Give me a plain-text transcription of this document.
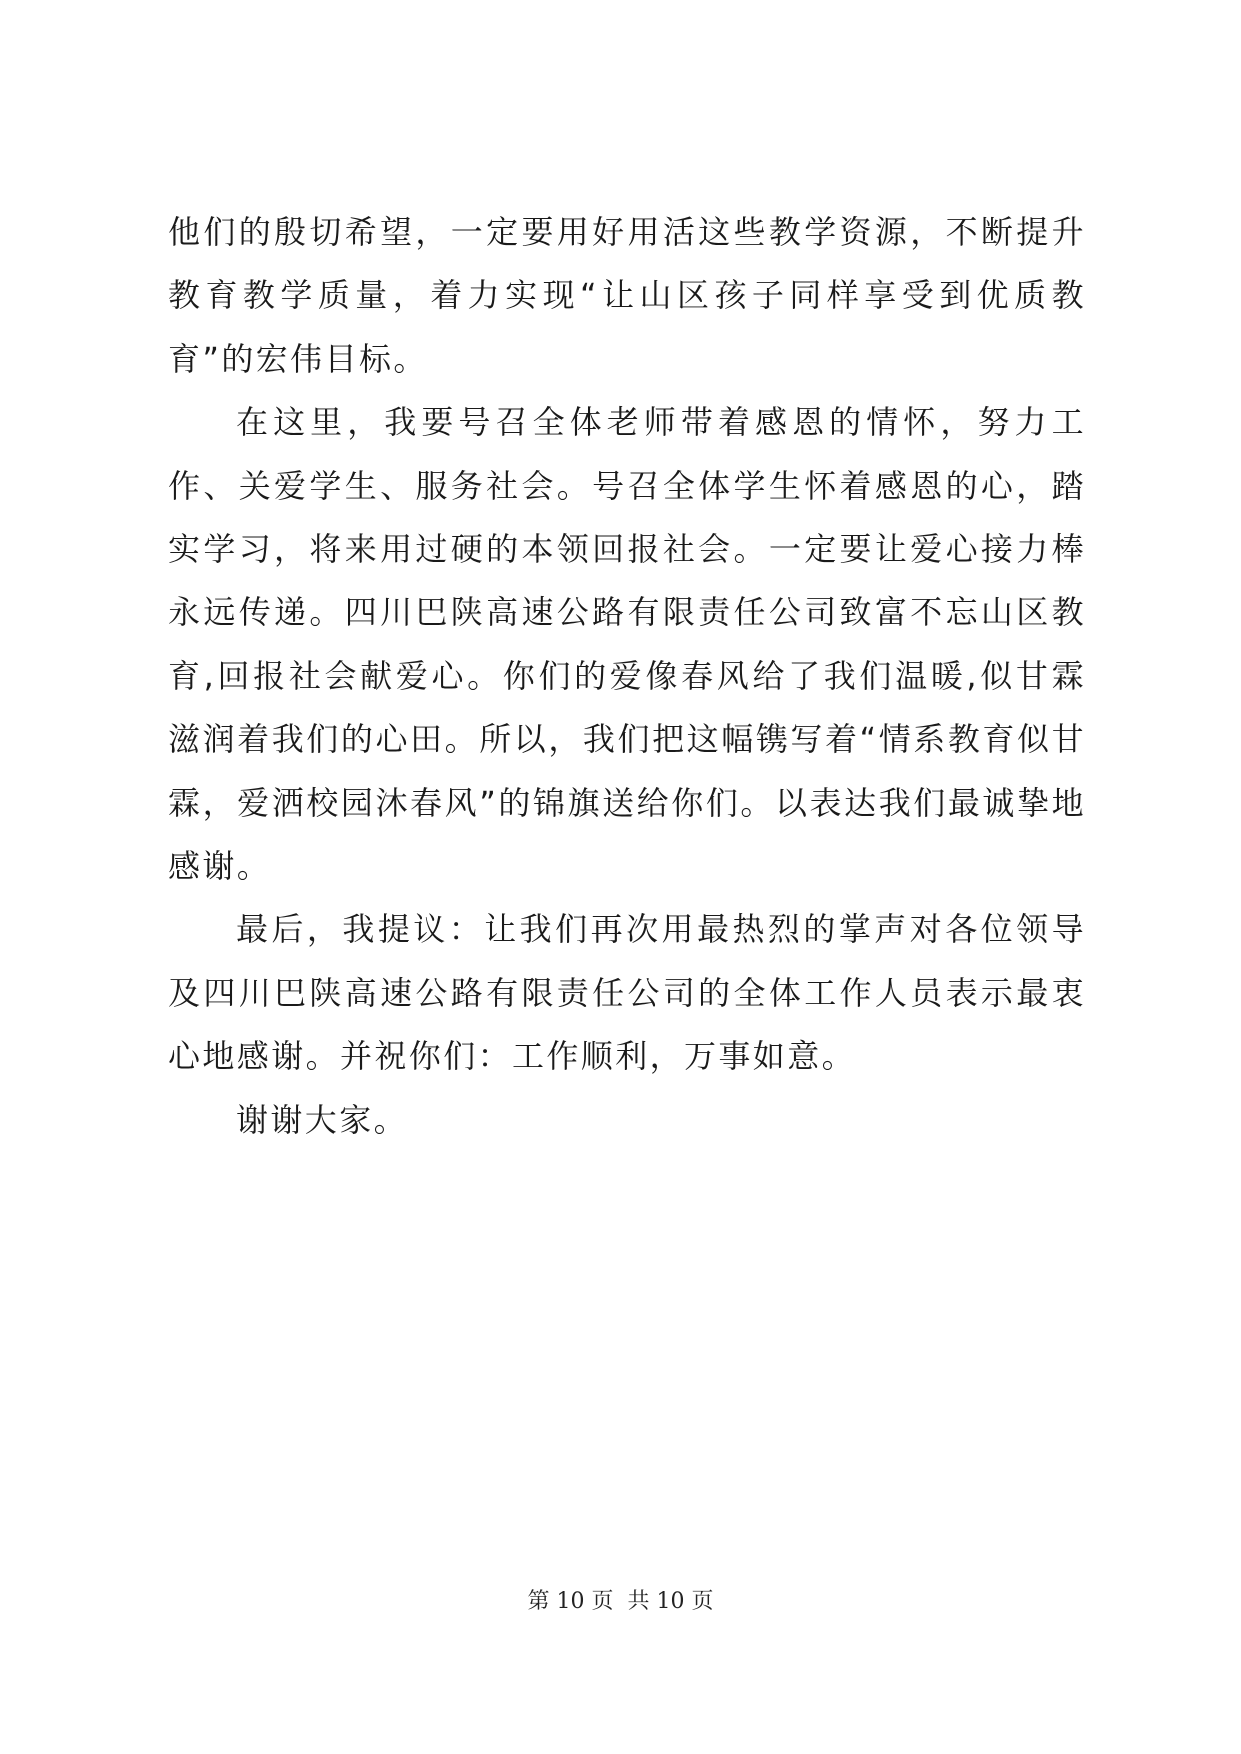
他们的殷切希望，一定要用好用活这些教学资源，不断提升教育教学质量，着力实现“让山区孩子同样享受到优质教育”的宏伟目标。

在这里，我要号召全体老师带着感恩的情怀，努力工作、关爱学生、服务社会。号召全体学生怀着感恩的心，踏实学习，将来用过硬的本领回报社会。一定要让爱心接力棒永远传递。四川巴陕高速公路有限责任公司致富不忘山区教育,回报社会献爱心。你们的爱像春风给了我们温暖,似甘霖滋润着我们的心田。所以，我们把这幅镌写着“情系教育似甘霖，爱洒校园沐春风”的锦旗送给你们。以表达我们最诚挚地感谢。

最后，我提议：让我们再次用最热烈的掌声对各位领导及四川巴陕高速公路有限责任公司的全体工作人员表示最衷心地感谢。并祝你们：工作顺利，万事如意。

谢谢大家。

第 10 页  共 10 页
